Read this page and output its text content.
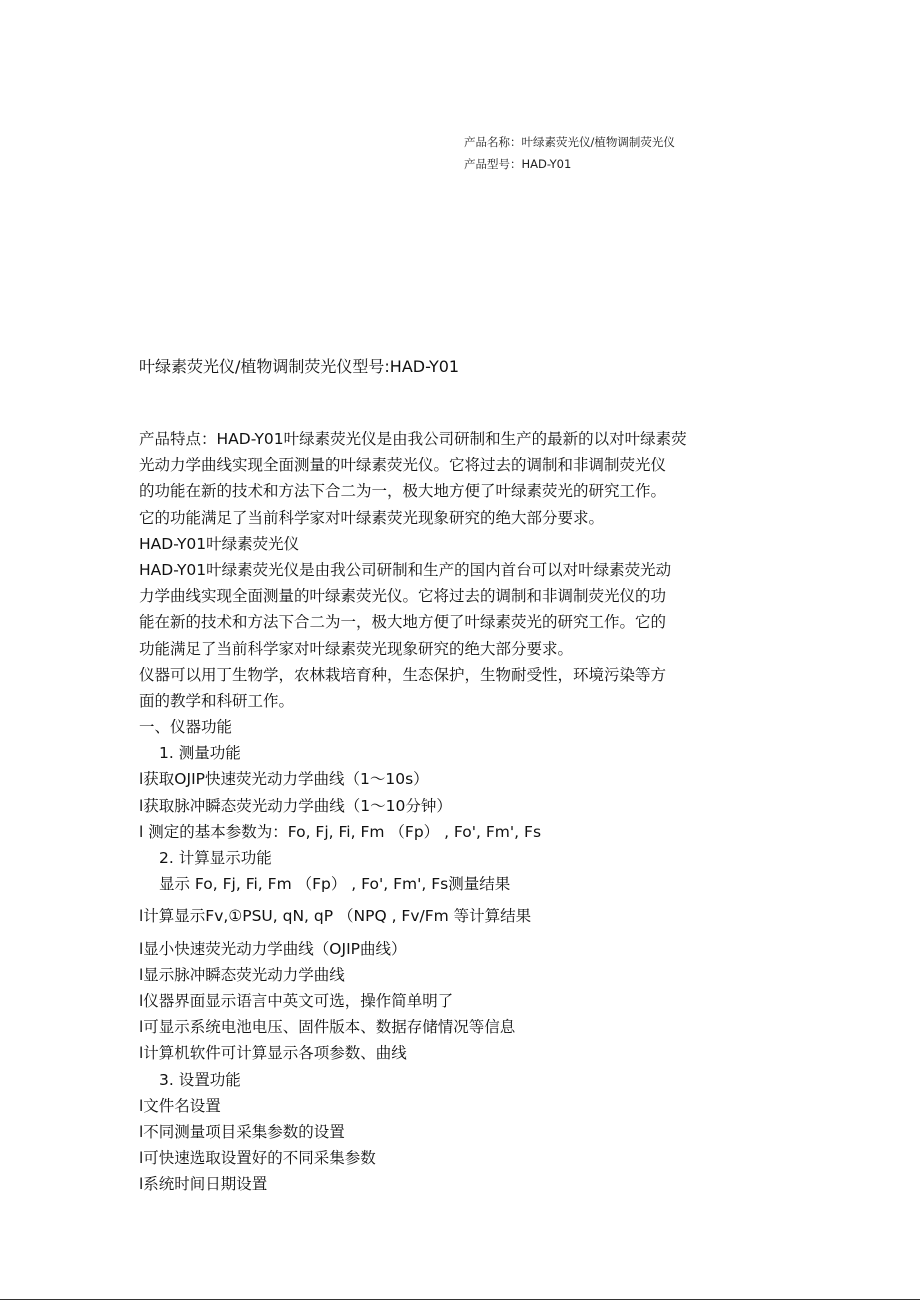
产品名称：叶绿素荧光仪/植物调制荧光仪
产品型号：HAD-Y01
叶绿素荧光仪/植物调制荧光仪型号:HAD-Y01
产品特点：HAD-Y01叶绿素荧光仪是由我公司研制和生产的最新的以对叶绿素荧
光动力学曲线实现全面测量的叶绿素荧光仪。它将过去的调制和非调制荧光仪
的功能在新的技术和方法下合二为一，极大地方便了叶绿素荧光的研究工作。
它的功能满足了当前科学家对叶绿素荧光现象研究的绝大部分要求。
HAD-Y01叶绿素荧光仪
HAD-Y01叶绿素荧光仪是由我公司研制和生产的国内首台可以对叶绿素荧光动
力学曲线实现全面测量的叶绿素荧光仪。它将过去的调制和非调制荧光仪的功
能在新的技术和方法下合二为一，极大地方便了叶绿素荧光的研究工作。它的
功能满足了当前科学家对叶绿素荧光现象研究的绝大部分要求。
仪器可以用丁生物学，农林栽培育种，生态保护，生物耐受性，环境污染等方
面的教学和科研工作。
一、仪器功能
1. 测量功能
l获取OJIP快速荧光动力学曲线（1〜10s）
l获取脉冲瞬态荧光动力学曲线（1〜10分钟）
l 测定的基本参数为：Fo, Fj, Fi, Fm （Fp） , Fo', Fm', Fs
2. 计算显示功能
显示 Fo, Fj, Fi, Fm （Fp） , Fo', Fm', Fs测量结果
l计算显示Fv,①PSU, qN, qP （NPQ , Fv/Fm 等计算结果
l显小快速荧光动力学曲线（OJIP曲线）
l显示脉冲瞬态荧光动力学曲线
l仪器界面显示语言中英文可选，操作简单明了
l可显示系统电池电压、固件版本、数据存储情况等信息
l计算机软件可计算显示各项参数、曲线
3. 设置功能
l文件名设置
l不同测量项目采集参数的设置
l可快速选取设置好的不同采集参数
l系统时间日期设置
